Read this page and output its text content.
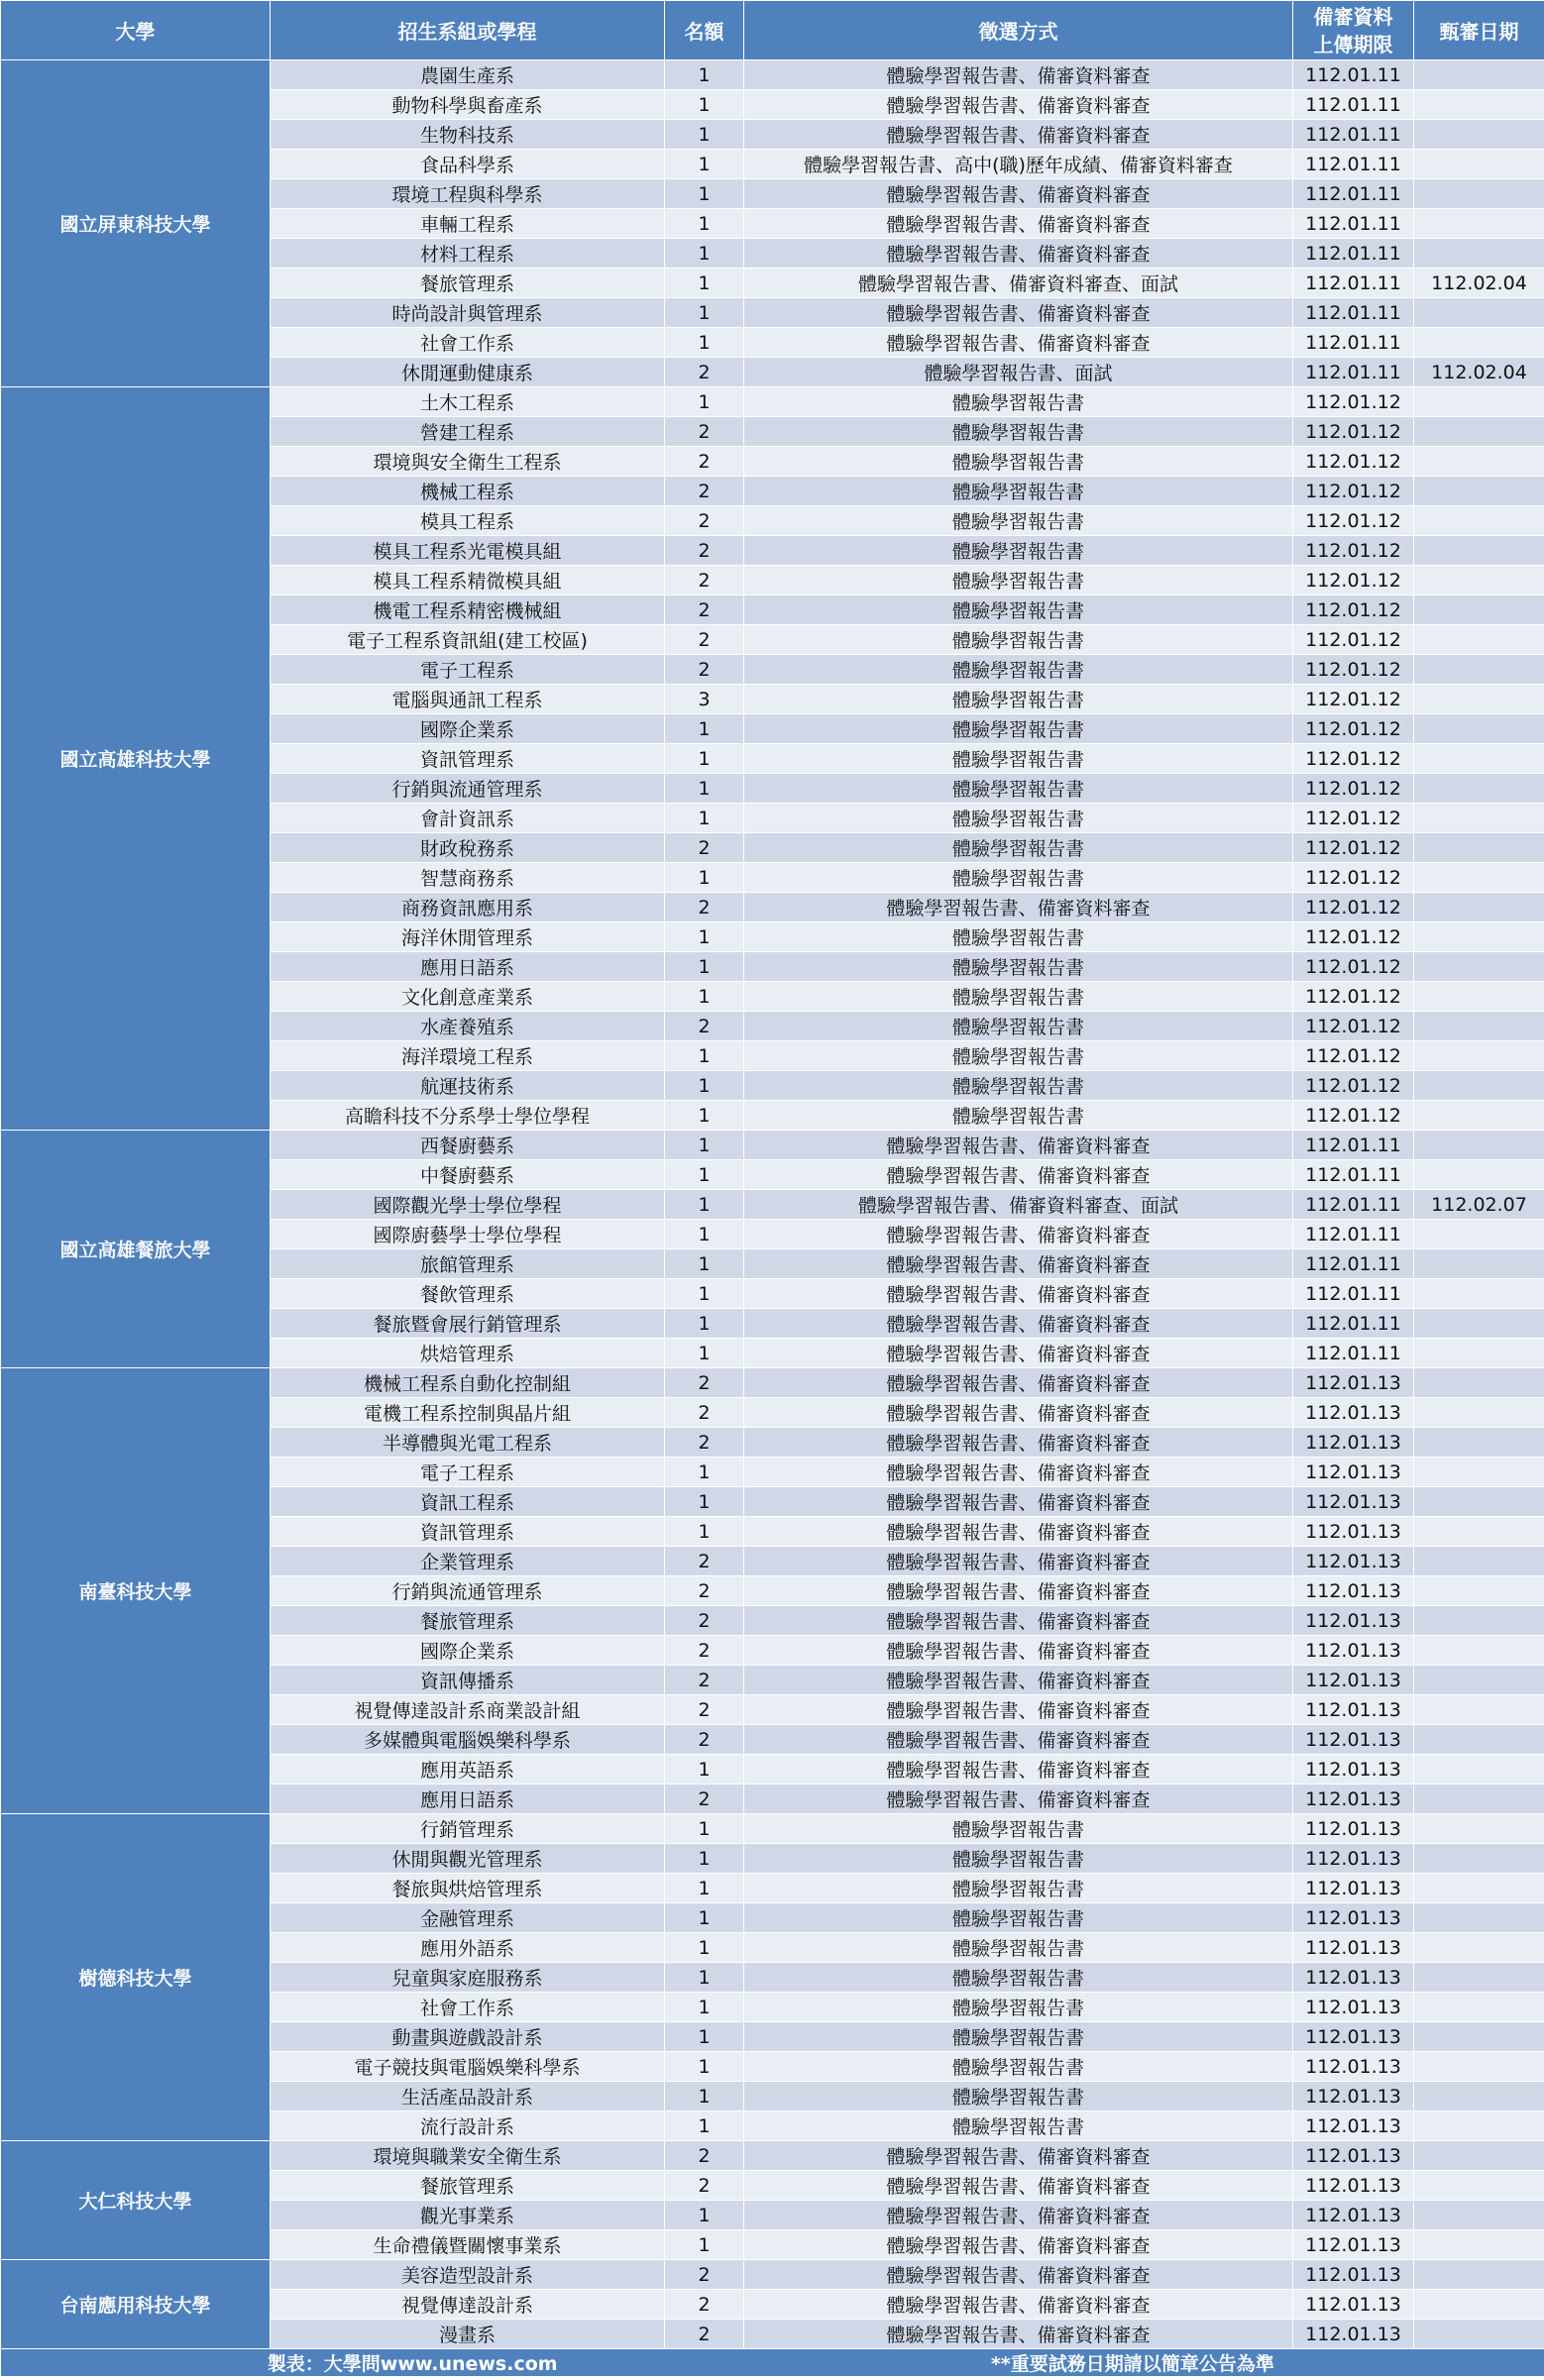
大學	招生系組或學程	名額	徵選方式	備審資料
上傳期限	甄審日期
國立屏東科技大學	農園生產系	1	體驗學習報告書、備審資料審查	112.01.11	
	動物科學與畜產系	1	體驗學習報告書、備審資料審查	112.01.11	
	生物科技系	1	體驗學習報告書、備審資料審查	112.01.11	
	食品科學系	1	體驗學習報告書、高中(職)歷年成績、備審資料審查	112.01.11	
	環境工程與科學系	1	體驗學習報告書、備審資料審查	112.01.11	
	車輛工程系	1	體驗學習報告書、備審資料審查	112.01.11	
	材料工程系	1	體驗學習報告書、備審資料審查	112.01.11	
	餐旅管理系	1	體驗學習報告書、備審資料審查、面試	112.01.11	112.02.04
	時尚設計與管理系	1	體驗學習報告書、備審資料審查	112.01.11	
	社會工作系	1	體驗學習報告書、備審資料審查	112.01.11	
	休閒運動健康系	2	體驗學習報告書、面試	112.01.11	112.02.04
國立高雄科技大學	土木工程系	1	體驗學習報告書	112.01.12	
	營建工程系	2	體驗學習報告書	112.01.12	
	環境與安全衛生工程系	2	體驗學習報告書	112.01.12	
	機械工程系	2	體驗學習報告書	112.01.12	
	模具工程系	2	體驗學習報告書	112.01.12	
	模具工程系光電模具組	2	體驗學習報告書	112.01.12	
	模具工程系精微模具組	2	體驗學習報告書	112.01.12	
	機電工程系精密機械組	2	體驗學習報告書	112.01.12	
	電子工程系資訊組(建工校區)	2	體驗學習報告書	112.01.12	
	電子工程系	2	體驗學習報告書	112.01.12	
	電腦與通訊工程系	3	體驗學習報告書	112.01.12	
	國際企業系	1	體驗學習報告書	112.01.12	
	資訊管理系	1	體驗學習報告書	112.01.12	
	行銷與流通管理系	1	體驗學習報告書	112.01.12	
	會計資訊系	1	體驗學習報告書	112.01.12	
	財政稅務系	2	體驗學習報告書	112.01.12	
	智慧商務系	1	體驗學習報告書	112.01.12	
	商務資訊應用系	2	體驗學習報告書、備審資料審查	112.01.12	
	海洋休閒管理系	1	體驗學習報告書	112.01.12	
	應用日語系	1	體驗學習報告書	112.01.12	
	文化創意產業系	1	體驗學習報告書	112.01.12	
	水產養殖系	2	體驗學習報告書	112.01.12	
	海洋環境工程系	1	體驗學習報告書	112.01.12	
	航運技術系	1	體驗學習報告書	112.01.12	
	高瞻科技不分系學士學位學程	1	體驗學習報告書	112.01.12	
國立高雄餐旅大學	西餐廚藝系	1	體驗學習報告書、備審資料審查	112.01.11	
	中餐廚藝系	1	體驗學習報告書、備審資料審查	112.01.11	
	國際觀光學士學位學程	1	體驗學習報告書、備審資料審查、面試	112.01.11	112.02.07
	國際廚藝學士學位學程	1	體驗學習報告書、備審資料審查	112.01.11	
	旅館管理系	1	體驗學習報告書、備審資料審查	112.01.11	
	餐飲管理系	1	體驗學習報告書、備審資料審查	112.01.11	
	餐旅暨會展行銷管理系	1	體驗學習報告書、備審資料審查	112.01.11	
	烘焙管理系	1	體驗學習報告書、備審資料審查	112.01.11	
南臺科技大學	機械工程系自動化控制組	2	體驗學習報告書、備審資料審查	112.01.13	
	電機工程系控制與晶片組	2	體驗學習報告書、備審資料審查	112.01.13	
	半導體與光電工程系	2	體驗學習報告書、備審資料審查	112.01.13	
	電子工程系	1	體驗學習報告書、備審資料審查	112.01.13	
	資訊工程系	1	體驗學習報告書、備審資料審查	112.01.13	
	資訊管理系	1	體驗學習報告書、備審資料審查	112.01.13	
	企業管理系	2	體驗學習報告書、備審資料審查	112.01.13	
	行銷與流通管理系	2	體驗學習報告書、備審資料審查	112.01.13	
	餐旅管理系	2	體驗學習報告書、備審資料審查	112.01.13	
	國際企業系	2	體驗學習報告書、備審資料審查	112.01.13	
	資訊傳播系	2	體驗學習報告書、備審資料審查	112.01.13	
	視覺傳達設計系商業設計組	2	體驗學習報告書、備審資料審查	112.01.13	
	多媒體與電腦娛樂科學系	2	體驗學習報告書、備審資料審查	112.01.13	
	應用英語系	1	體驗學習報告書、備審資料審查	112.01.13	
	應用日語系	2	體驗學習報告書、備審資料審查	112.01.13	
樹德科技大學	行銷管理系	1	體驗學習報告書	112.01.13	
	休閒與觀光管理系	1	體驗學習報告書	112.01.13	
	餐旅與烘焙管理系	1	體驗學習報告書	112.01.13	
	金融管理系	1	體驗學習報告書	112.01.13	
	應用外語系	1	體驗學習報告書	112.01.13	
	兒童與家庭服務系	1	體驗學習報告書	112.01.13	
	社會工作系	1	體驗學習報告書	112.01.13	
	動畫與遊戲設計系	1	體驗學習報告書	112.01.13	
	電子競技與電腦娛樂科學系	1	體驗學習報告書	112.01.13	
	生活產品設計系	1	體驗學習報告書	112.01.13	
	流行設計系	1	體驗學習報告書	112.01.13	
大仁科技大學	環境與職業安全衛生系	2	體驗學習報告書、備審資料審查	112.01.13	
	餐旅管理系	2	體驗學習報告書、備審資料審查	112.01.13	
	觀光事業系	1	體驗學習報告書、備審資料審查	112.01.13	
	生命禮儀暨關懷事業系	1	體驗學習報告書、備審資料審查	112.01.13	
台南應用科技大學	美容造型設計系	2	體驗學習報告書、備審資料審查	112.01.13	
	視覺傳達設計系	2	體驗學習報告書、備審資料審查	112.01.13	
	漫畫系	2	體驗學習報告書、備審資料審查	112.01.13	
製表：大學問www.unews.com **重要試務日期請以簡章公告為準					
